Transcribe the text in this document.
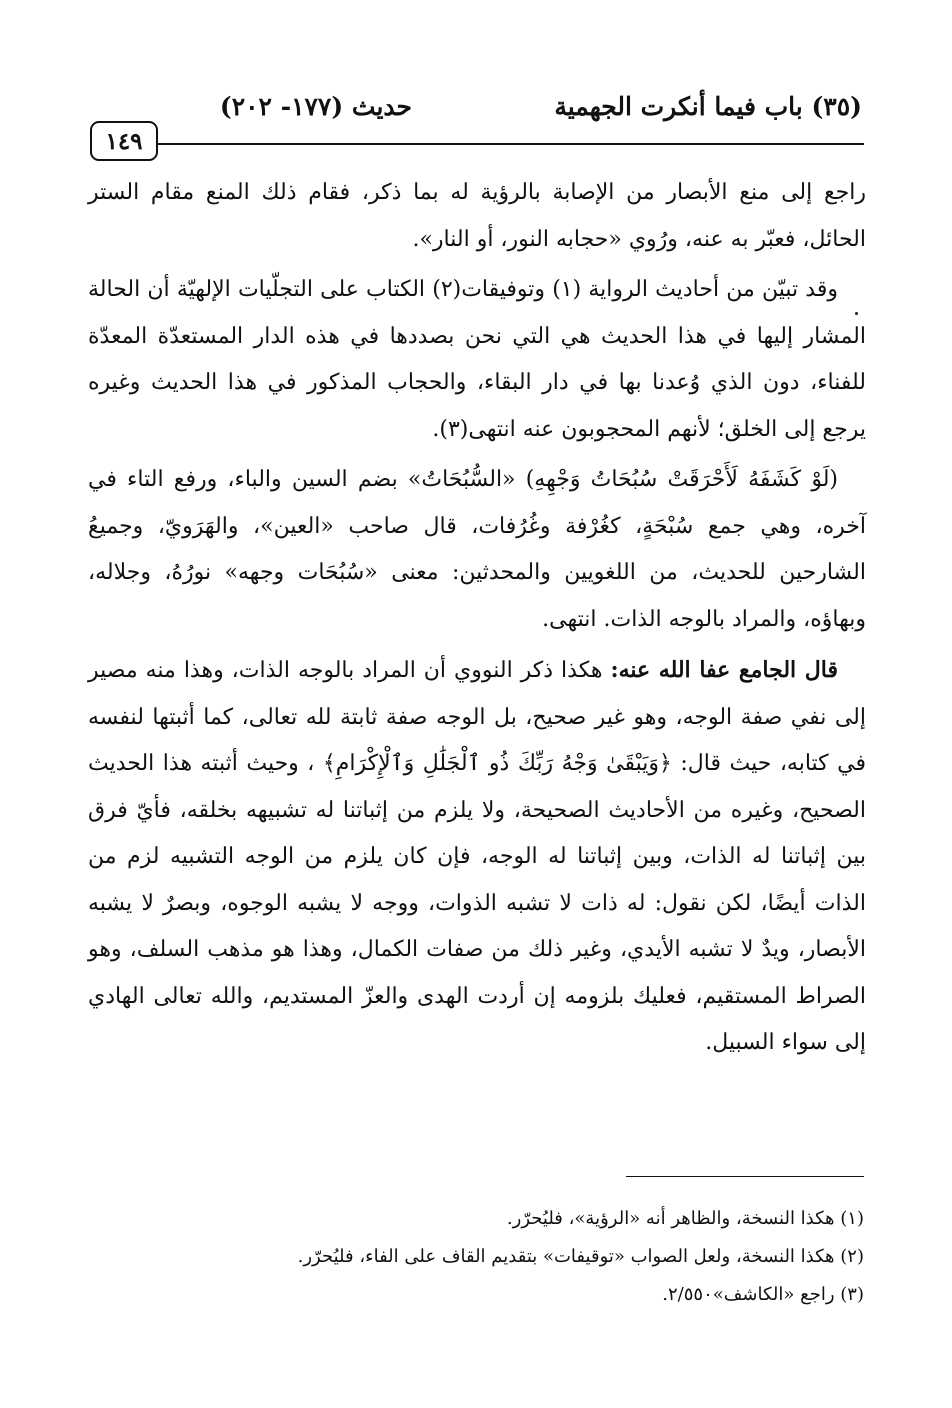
(٣٥) باب فيما أنكرت الجهمية
حديث (١٧٧- ٢٠٢)
١٤٩

راجع إلى منع الأبصار من الإصابة بالرؤية له بما ذكر، فقام ذلك المنع مقام الستر الحائل، فعبّر به عنه، ورُوي «حجابه النور، أو النار».

وقد تبيّن من أحاديث الرواية (١) وتوفيقات(٢) الكتاب على التجلّيات الإلهيّة أن الحالة المشار إليها في هذا الحديث هي التي نحن بصددها في هذه الدار المستعدّة المعدّة للفناء، دون الذي وُعدنا بها في دار البقاء، والحجاب المذكور في هذا الحديث وغيره يرجع إلى الخلق؛ لأنهم المحجوبون عنه انتهى(٣).

(لَوْ كَشَفَهُ لَأَحْرَقَتْ سُبُحَاتُ وَجْهِهِ) «السُّبُحَاتُ» بضم السين والباء، ورفع التاء في آخره، وهي جمع سُبْحَةٍ، كغُرْفة وغُرُفات، قال صاحب «العين»، والهَرَويّ، وجميعُ الشارحين للحديث، من اللغويين والمحدثين: معنى «سُبُحَات وجهه» نورُهُ، وجلاله، وبهاؤه، والمراد بالوجه الذات. انتهى.

قال الجامع عفا الله عنه: هكذا ذكر النووي أن المراد بالوجه الذات، وهذا منه مصير إلى نفي صفة الوجه، وهو غير صحيح، بل الوجه صفة ثابتة لله تعالى، كما أثبتها لنفسه في كتابه، حيث قال: ﴿وَيَبْقَىٰ وَجْهُ رَبِّكَ ذُو ٱلْجَلَٰلِ وَٱلْإِكْرَامِ﴾ ، وحيث أثبته هذا الحديث الصحيح، وغيره من الأحاديث الصحيحة، ولا يلزم من إثباتنا له تشبيهه بخلقه، فأيّ فرق بين إثباتنا له الذات، وبين إثباتنا له الوجه، فإن كان يلزم من الوجه التشبيه لزم من الذات أيضًا، لكن نقول: له ذات لا تشبه الذوات، ووجه لا يشبه الوجوه، وبصرٌ لا يشبه الأبصار، ويدٌ لا تشبه الأيدي، وغير ذلك من صفات الكمال، وهذا هو مذهب السلف، وهو الصراط المستقيم، فعليك بلزومه إن أردت الهدى والعزّ المستديم، والله تعالى الهادي إلى سواء السبيل.

(١) هكذا النسخة، والظاهر أنه «الرؤية»، فليُحرّر.
(٢) هكذا النسخة، ولعل الصواب «توقيفات» بتقديم القاف على الفاء، فليُحرّر.
(٣) راجع «الكاشف»٢/٥٥٠.
